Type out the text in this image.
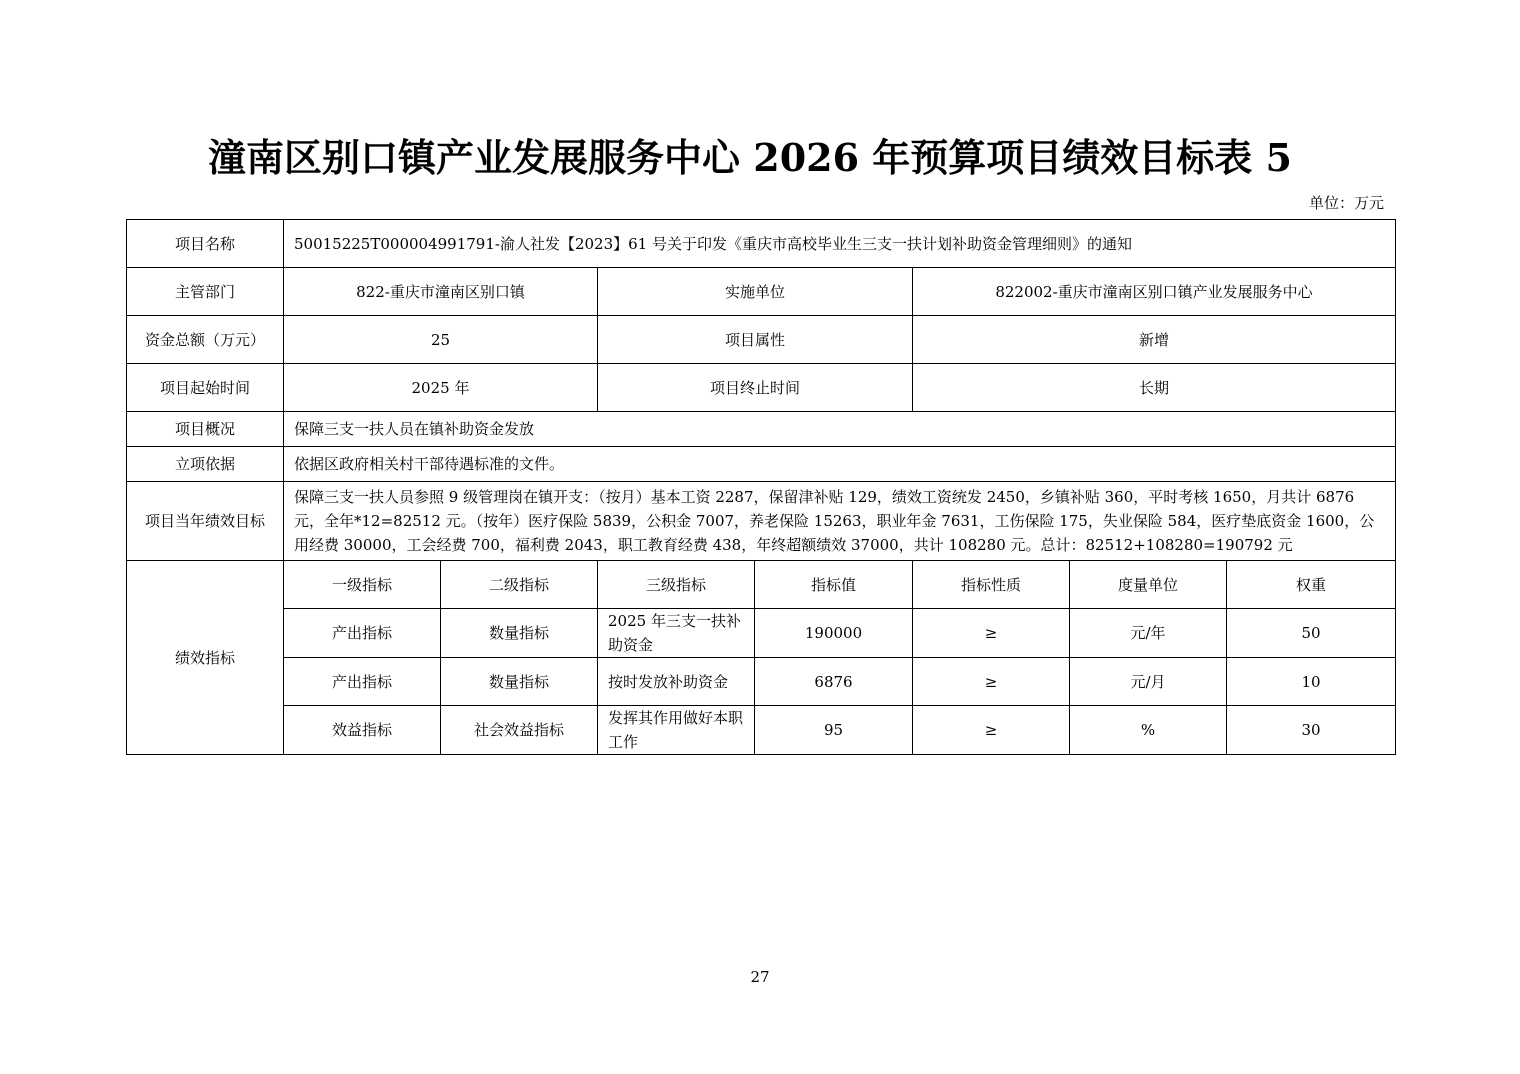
潼南区别口镇产业发展服务中心 2026 年预算项目绩效目标表 5
单位：万元
项目名称	50015225T000004991791-渝人社发【2023】61 号关于印发《重庆市高校毕业生三支一扶计划补助资金管理细则》的通知						
主管部门	822-重庆市潼南区别口镇		实施单位		822002-重庆市潼南区别口镇产业发展服务中心		
资金总额（万元）	25		项目属性		新增		
项目起始时间	2025 年		项目终止时间		长期		
项目概况	保障三支一扶人员在镇补助资金发放						
立项依据	依据区政府相关村干部待遇标准的文件。						
项目当年绩效目标	保障三支一扶人员参照 9 级管理岗在镇开支：（按月）基本工资 2287，保留津补贴 129，绩效工资统发 2450，乡镇补贴 360，平时考核 1650，月共计 6876 元，全年*12=82512 元。（按年）医疗保险 5839，公积金 7007，养老保险 15263，职业年金 7631，工伤保险 175，失业保险 584，医疗垫底资金 1600，公用经费 30000，工会经费 700，福利费 2043，职工教育经费 438，年终超额绩效 37000，共计 108280 元。总计：82512+108280=190792 元						
绩效指标	一级指标	二级指标	三级指标	指标值	指标性质	度量单位	权重
	产出指标	数量指标	2025 年三支一扶补助资金	190000	≥	元/年	50
	产出指标	数量指标	按时发放补助资金	6876	≥	元/月	10
	效益指标	社会效益指标	发挥其作用做好本职工作	95	≥	%	30
27
